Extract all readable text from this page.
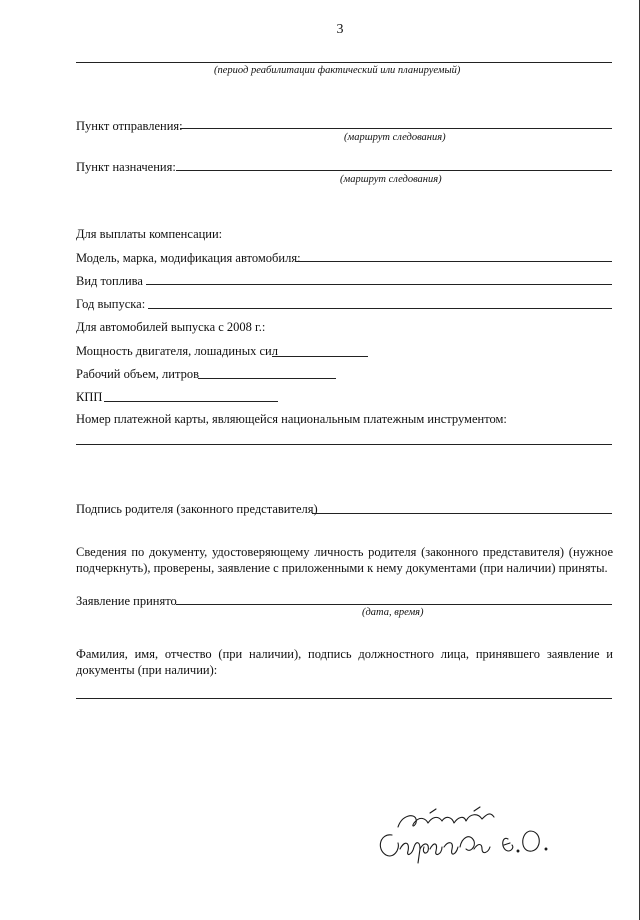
3
(период реабилитации фактический или планируемый)
Пункт отправления:
(маршрут следования)
Пункт назначения:
(маршрут следования)
Для выплаты компенсации:
Модель, марка, модификация автомобиля:
Вид топлива
Год выпуска:
Для автомобилей выпуска с 2008 г.:
Мощность двигателя, лошадиных сил
Рабочий объем, литров
КПП
Номер платежной карты, являющейся национальным платежным инструментом:
Подпись родителя (законного представителя)
Сведения по документу, удостоверяющему личность родителя (законного представителя) (нужное подчеркнуть), проверены, заявление с приложенными к нему документами (при наличии) приняты.
Заявление принято
(дата, время)
Фамилия, имя, отчество (при наличии), подпись должностного лица, принявшего заявление и документы (при наличии):
